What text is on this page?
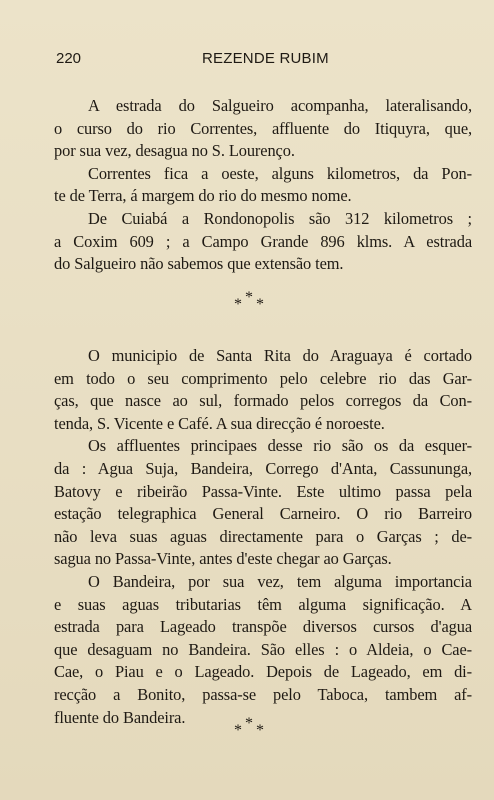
220	REZENDE RUBIM
A estrada do Salgueiro acompanha, lateralisando,
o curso do rio Correntes, affluente do Itiquyra, que,
por sua vez, desagua no S. Lourenço.
Correntes fica a oeste, alguns kilometros, da Pon-
te de Terra, á margem do rio do mesmo nome.
De Cuiabá a Rondonopolis são 312 kilometros ;
a Coxim 609 ; a Campo Grande 896 klms. A estrada
do Salgueiro não sabemos que extensão tem.
*
* *
O municipio de Santa Rita do Araguaya é cortado
em todo o seu comprimento pelo celebre rio das Gar-
ças, que nasce ao sul, formado pelos corregos da Con-
tenda, S. Vicente e Café. A sua direcção é noroeste.
Os affluentes principaes desse rio são os da esquer-
da : Agua Suja, Bandeira, Corrego d'Anta, Cassununga,
Batovy e ribeirão Passa-Vinte. Este ultimo passa pela
estação telegraphica General Carneiro. O rio Barreiro
não leva suas aguas directamente para o Garças ; de-
sagua no Passa-Vinte, antes d'este chegar ao Garças.
O Bandeira, por sua vez, tem alguma importancia
e suas aguas tributarias têm alguma significação. A
estrada para Lageado transpõe diversos cursos d'agua
que desaguam no Bandeira. São elles : o Aldeia, o Cae-
Cae, o Piau e o Lageado. Depois de Lageado, em di-
recção a Bonito, passa-se pelo Taboca, tambem af-
fluente do Bandeira.	*
* *
